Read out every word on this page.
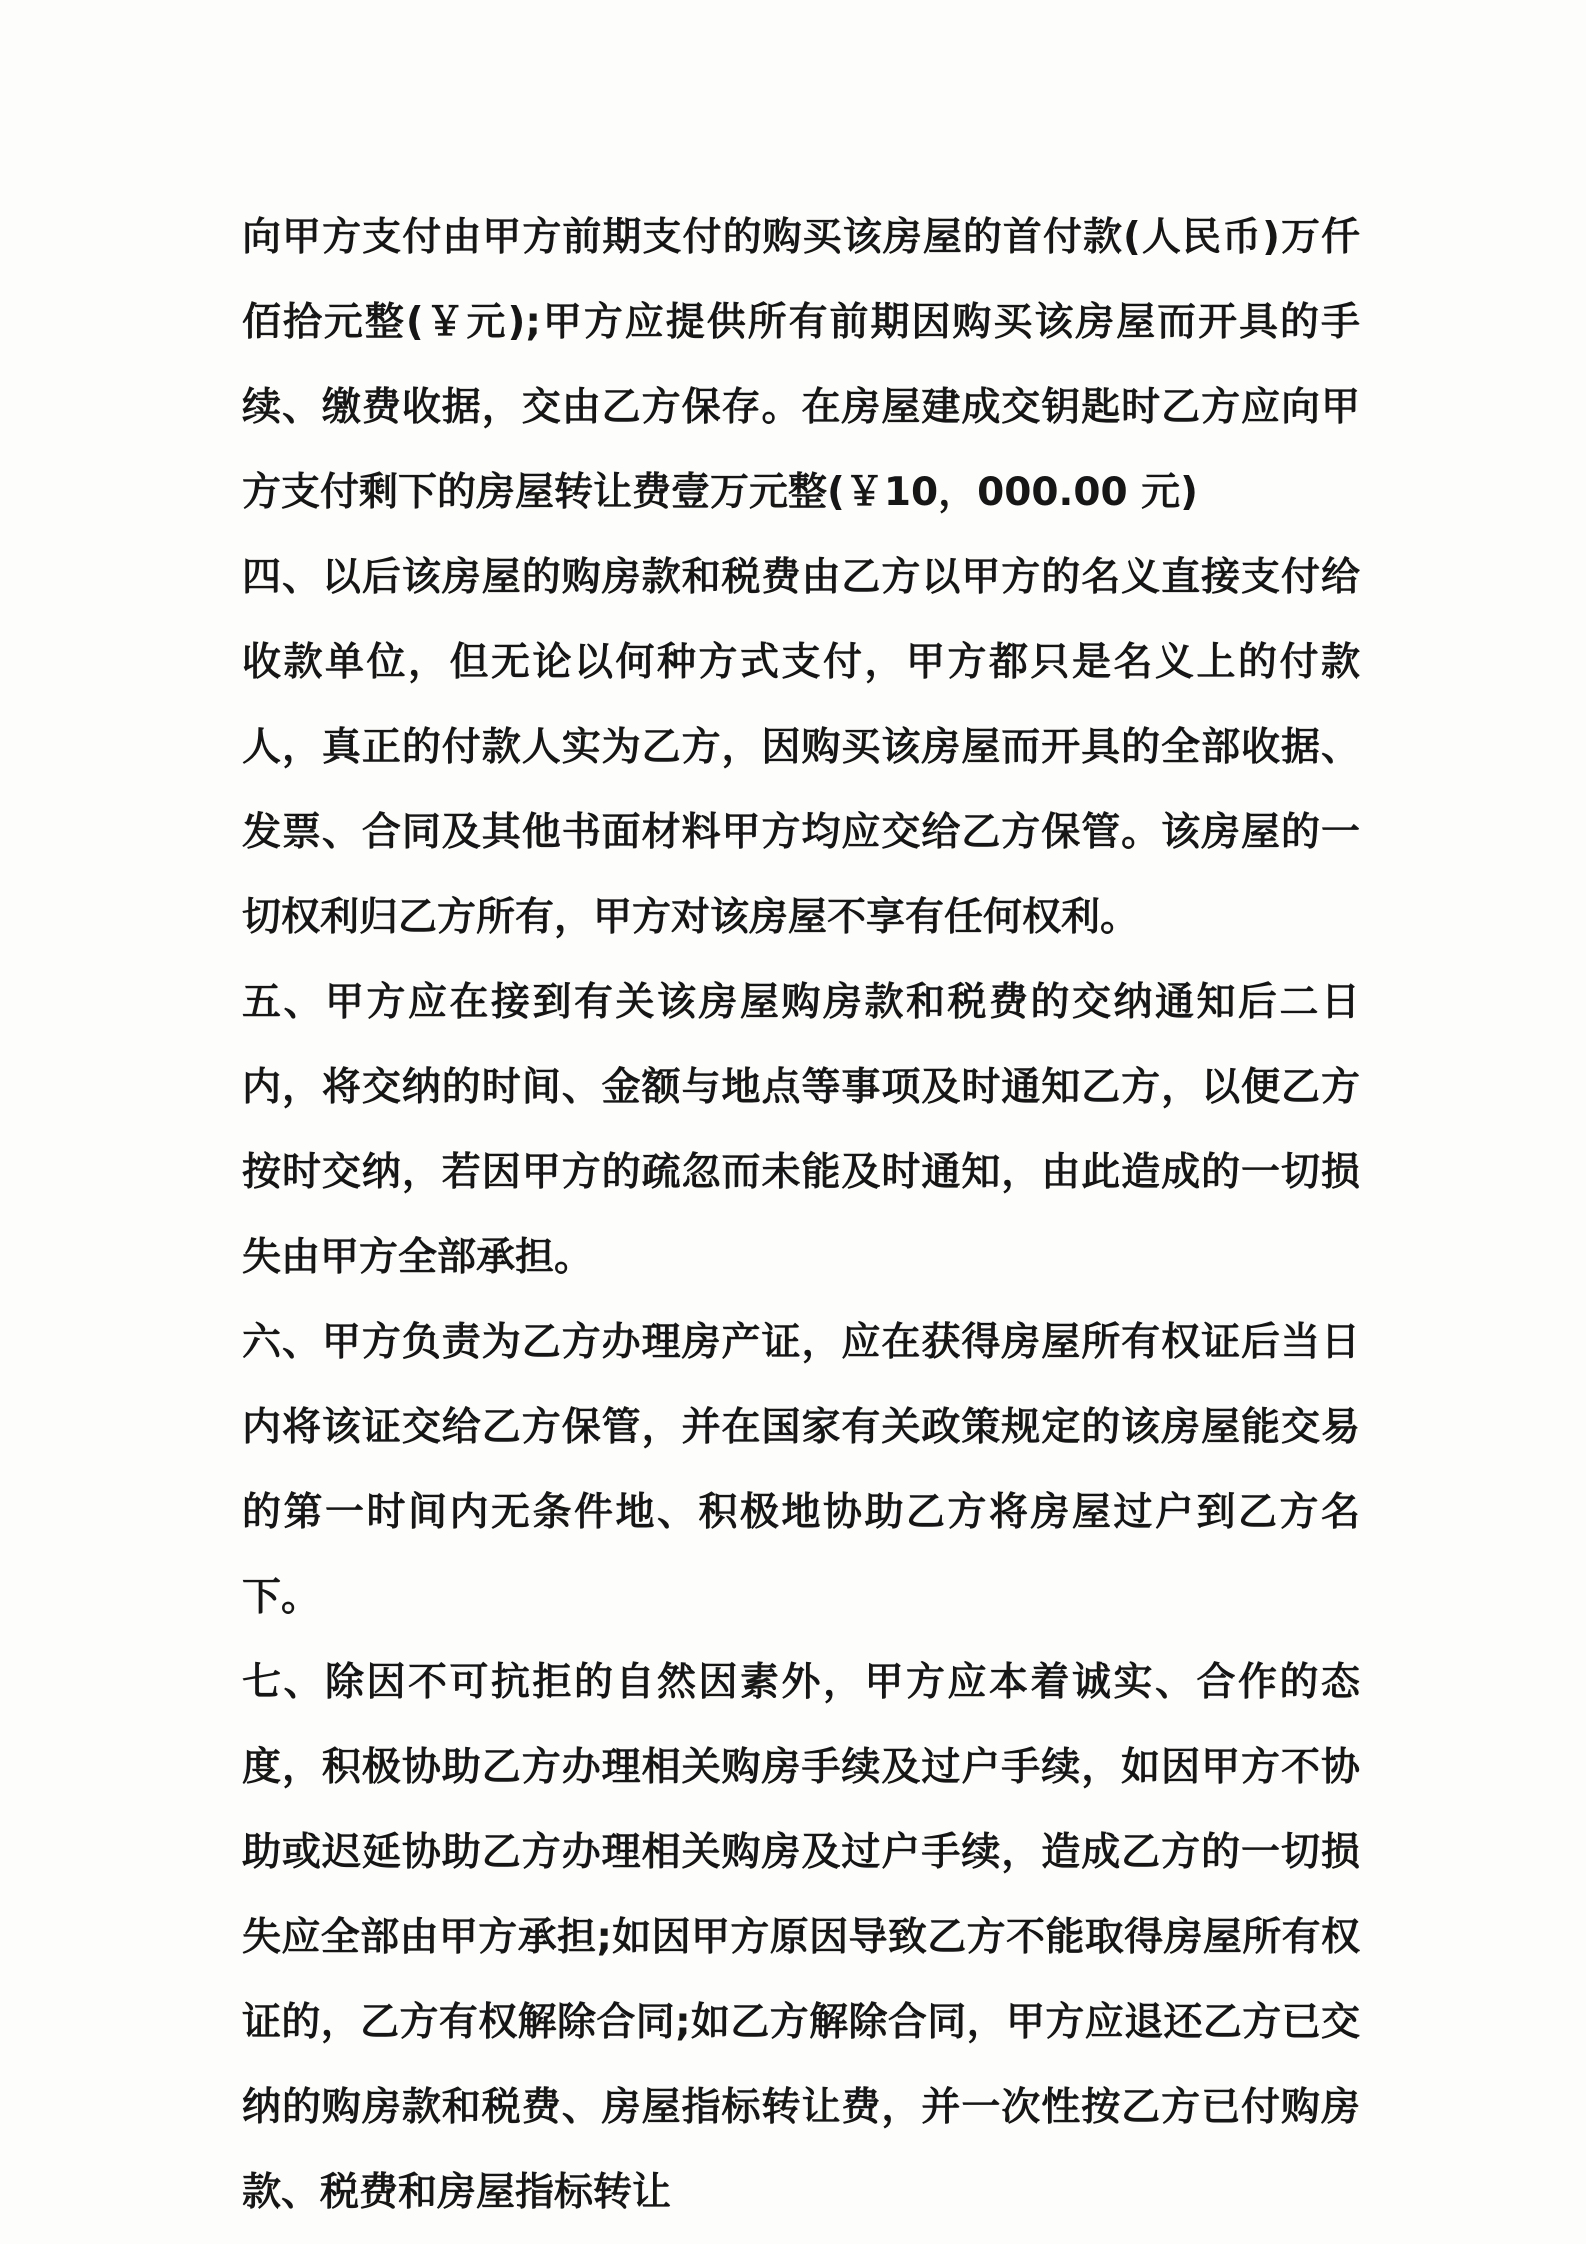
向甲方支付由甲方前期支付的购买该房屋的首付款(人民币)万仟佰拾元整(￥元);甲方应提供所有前期因购买该房屋而开具的手续、缴费收据，交由乙方保存。在房屋建成交钥匙时乙方应向甲方支付剩下的房屋转让费壹万元整(￥10，000.00 元)

四、以后该房屋的购房款和税费由乙方以甲方的名义直接支付给收款单位，但无论以何种方式支付，甲方都只是名义上的付款人，真正的付款人实为乙方，因购买该房屋而开具的全部收据、发票、合同及其他书面材料甲方均应交给乙方保管。该房屋的一切权利归乙方所有，甲方对该房屋不享有任何权利。

五、甲方应在接到有关该房屋购房款和税费的交纳通知后二日内，将交纳的时间、金额与地点等事项及时通知乙方，以便乙方按时交纳，若因甲方的疏忽而未能及时通知，由此造成的一切损失由甲方全部承担。

六、甲方负责为乙方办理房产证，应在获得房屋所有权证后当日内将该证交给乙方保管，并在国家有关政策规定的该房屋能交易的第一时间内无条件地、积极地协助乙方将房屋过户到乙方名下。

七、除因不可抗拒的自然因素外，甲方应本着诚实、合作的态度，积极协助乙方办理相关购房手续及过户手续，如因甲方不协助或迟延协助乙方办理相关购房及过户手续，造成乙方的一切损失应全部由甲方承担;如因甲方原因导致乙方不能取得房屋所有权证的，乙方有权解除合同;如乙方解除合同，甲方应退还乙方已交纳的购房款和税费、房屋指标转让费，并一次性按乙方已付购房款、税费和房屋指标转让
